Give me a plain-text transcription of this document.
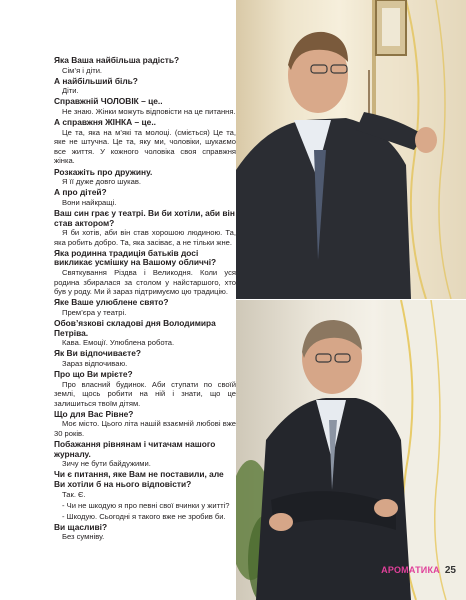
Яка Ваша найбільша радість?
Сім’я і діти.
А найбільший біль?
Діти.
Справжній ЧОЛОВІК – це..
Не знаю. Жінки можуть відповісти на це питання.
А справжня ЖІНКА – це..
Це та, яка на м’які та молоці. (сміється) Це та, яке не штучна. Це та, яку ми, чоловіки, шукаємо все життя. У кожного чоловіка своя справжня жінка.
Розкажіть про дружину.
Я її дуже довго шукав.
А про дітей?
Вони найкращі.
Ваш син грає у театрі. Ви би хотіли, аби він став актором?
Я би хотів, аби він став хорошою людиною. Та, яка робить добро. Та, яка засіває, а не тільки жне.
Яка родинна традиція батьків досі викликає усмішку на Вашому обличчі?
Святкування Різдва і Великодня. Коли уся родина збиралася за столом у найстаршого, хто був у роду. Ми й зараз підтримуємо цю традицію.
Яке Ваше улюблене свято?
Прем’єра у театрі.
Обов’язкові складові дня Володимира Петріва.
Кава. Емоції. Улюблена робота.
Як Ви відпочиваєте?
Зараз відпочиваю.
Про що Ви мрієте?
Про власний будинок. Аби ступати по своїй землі, щось робити на ній і знати, що це залишиться твоїм дітям.
Що для Вас Рівне?
Моє місто. Цього літа нашій взаємній любові вже 30 років.
Побажання рівнянам і читачам нашого журналу.
Зичу не бути байдужими.
Чи є питання, яке Вам не поставили, але Ви хотіли б на нього відповісти?
Так. Є.
- Чи не шкодую я про певні свої вчинки у житті?
- Шкодую. Сьогодні я такого вже не зробив би.
Ви щасливі?
Без сумніву.
АРОМАТИКА 25
